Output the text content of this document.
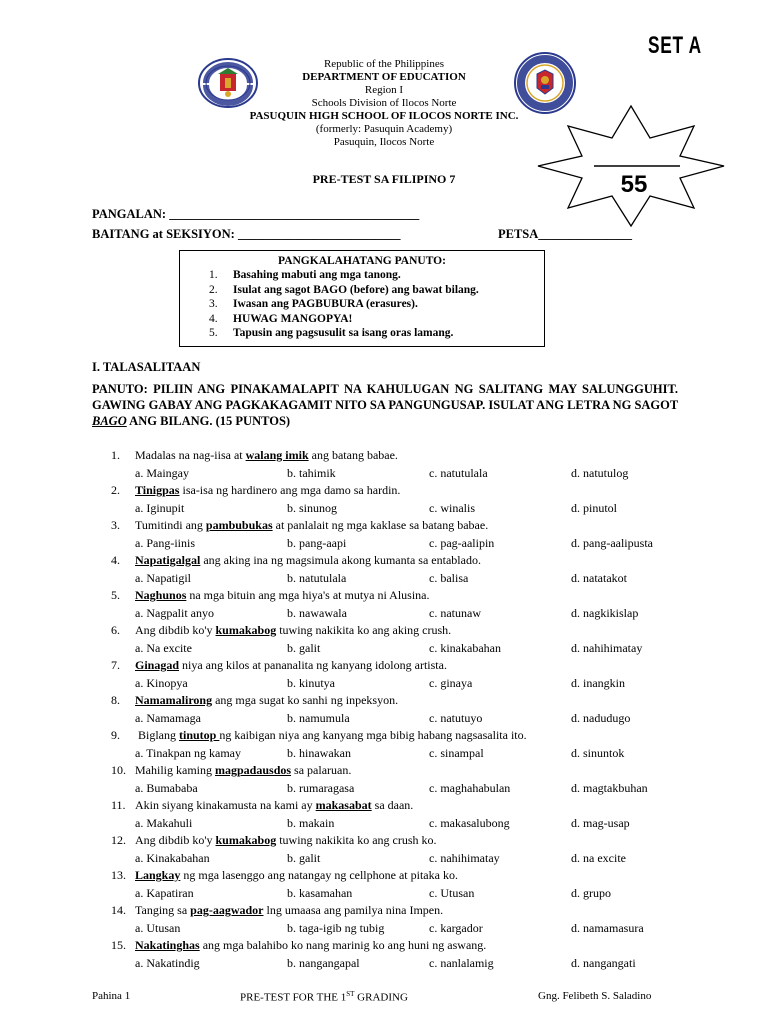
SET A
Republic of the Philippines
DEPARTMENT OF EDUCATION
Region I
Schools Division of Ilocos Norte
PASUQUIN HIGH SCHOOL OF ILOCOS NORTE INC.
(formerly: Pasuquin Academy)
Pasuquin, Ilocos Norte
55
PRE-TEST SA FILIPINO 7
PANGALAN: ________________________________________
BAITANG at SEKSIYON: __________________________	PETSA_______________
PANGKALAHATANG PANUTO:
1. Basahing mabuti ang mga tanong.
2. Isulat ang sagot BAGO (before) ang bawat bilang.
3. Iwasan ang PAGBUBURA (erasures).
4. HUWAG MANGOPYA!
5. Tapusin ang pagsusulit sa isang oras lamang.
I. TALASALITAAN
PANUTO: PILIIN ANG PINAKAMALAPIT NA KAHULUGAN NG SALITANG MAY SALUNGGUHIT. GAWING GABAY ANG PAGKAKAGAMIT NITO SA PANGUNGUSAP. ISULAT ANG LETRA NG SAGOT BAGO ANG BILANG. (15 PUNTOS)
1. Madalas na nag-iisa at walang imik ang batang babae.
a. Maingay	b. tahimik	c. natutulala	d. natutulog
2. Tinigpas isa-isa ng hardinero ang mga damo sa hardin.
a. Iginupit	b. sinunog	c. winalis	d. pinutol
3. Tumitindi ang pambubukas at panlalait ng mga kaklase sa batang babae.
a. Pang-iinis	b. pang-aapi	c. pag-aalipin	d. pang-aalipusta
4. Napatigalgal ang aking ina ng magsimula akong kumanta sa entablado.
a. Napatigil	b. natutulala	c. balisa	d. natatakot
5. Naghunos na mga bituin ang mga hiya's at mutya ni Alusina.
a. Nagpalit anyo	b. nawawala	c. natunaw	d. nagkikislap
6. Ang dibdib ko'y kumakabog tuwing nakikita ko ang aking crush.
a. Na excite	b. galit	c. kinakabahan	d. nahihimatay
7. Ginagad niya ang kilos at pananalita ng kanyang idolong artista.
a. Kinopya	b. kinutya	c. ginaya	d. inangkin
8. Namamalirong ang mga sugat ko sanhi ng inpeksyon.
a. Namamaga	b. namumula	c. natutuyo	d. nadudugo
9. Biglang tinutop ng kaibigan niya ang kanyang mga bibig habang nagsasalita ito.
a. Tinakpan ng kamay	b. hinawakan	c. sinampal	d. sinuntok
10. Mahilig kaming magpadausdos sa palaruan.
a. Bumababa	b. rumaragasa	c. maghahabulan	d. magtakbuhan
11. Akin siyang kinakamusta na kami ay makasabat sa daan.
a. Makahuli	b. makain	c. makasalubong	d. mag-usap
12. Ang dibdib ko'y kumakabog tuwing nakikita ko ang crush ko.
a. Kinakabahan	b. galit	c. nahihimatay	d. na excite
13. Langkay ng mga lasenggo ang natangay ng cellphone at pitaka ko.
a. Kapatiran	b. kasamahan	c. Utusan	d. grupo
14. Tanging sa pag-aagwador lng umaasa ang pamilya nina Impen.
a. Utusan	b. taga-igib ng tubig	c. kargador	d. namamasura
15. Nakatinghas ang mga balahibo ko nang marinig ko ang huni ng aswang.
a. Nakatindig	b. nangangapal	c. nanlalamig	d. nangangati
Pahina 1	PRE-TEST FOR THE 1ST GRADING	Gng. Felibeth S. Saladino
